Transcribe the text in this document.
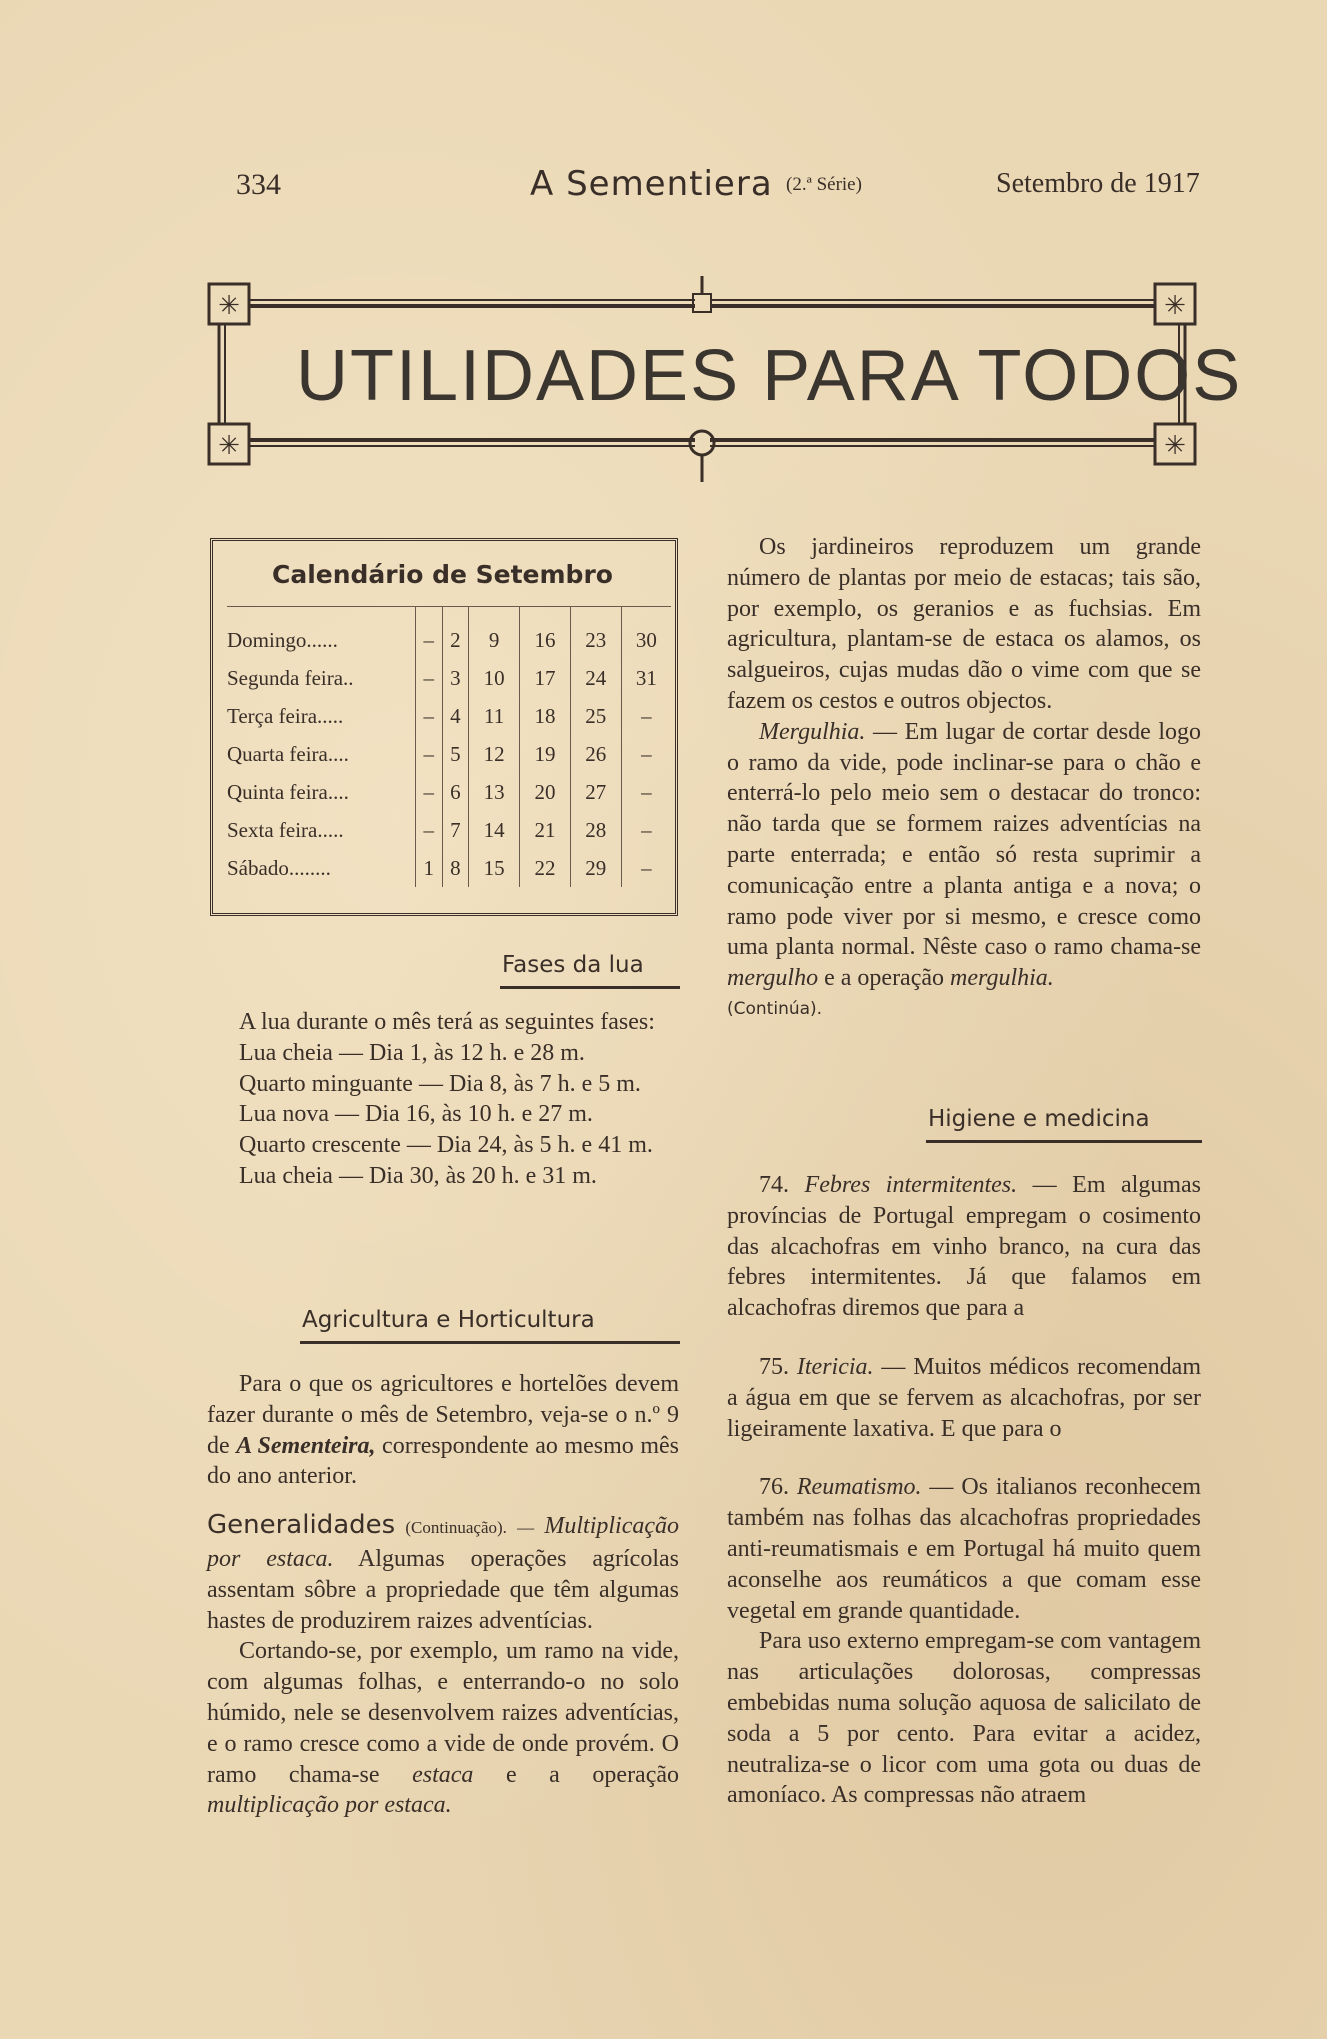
334	A Sementiera (2.ª Série)	Setembro de 1917
✳	✳
✳	✳
UTILIDADES PARA TODOS
Calendário de Setembro
Domingo......	–	2	9	16	23	30
Segunda feira..	–	3	10	17	24	31
Terça feira.....	–	4	11	18	25	–
Quarta feira....	–	5	12	19	26	–
Quinta feira....	–	6	13	20	27	–
Sexta feira.....	–	7	14	21	28	–
Sábado........	1	8	15	22	29	–
Fases da lua

A lua durante o mês terá as seguintes fases:

Lua cheia — Dia 1, às 12 h. e 28 m.

Quarto minguante — Dia 8, às 7 h. e 5 m.

Lua nova — Dia 16, às 10 h. e 27 m.

Quarto crescente — Dia 24, às 5 h. e 41 m.

Lua cheia — Dia 30, às 20 h. e 31 m.

Agricultura e Horticultura

Para o que os agricultores e hortelões devem fazer durante o mês de Setembro, veja-se o n.º 9 de A Sementeira, correspondente ao mesmo mês do ano anterior.

Generalidades (Continuação). — Multiplicação por estaca. Algumas operações agrícolas assentam sôbre a propriedade que têm algumas hastes de produzirem raizes adventícias.

Cortando-se, por exemplo, um ramo na vide, com algumas folhas, e enterrando-o no solo húmido, nele se desenvolvem raizes adventícias, e o ramo cresce como a vide de onde provém. O ramo chama-se estaca e a operação multiplicação por estaca.

Os jardineiros reproduzem um grande número de plantas por meio de estacas; tais são, por exemplo, os geranios e as fuchsias. Em agricultura, plantam-se de estaca os alamos, os salgueiros, cujas mudas dão o vime com que se fazem os cestos e outros objectos.

Mergulhia. — Em lugar de cortar desde logo o ramo da vide, pode inclinar-se para o chão e enterrá-lo pelo meio sem o destacar do tronco: não tarda que se formem raizes adventícias na parte enterrada; e então só resta suprimir a comunicação entre a planta antiga e a nova; o ramo pode viver por si mesmo, e cresce como uma planta normal. Nêste caso o ramo chama-se mergulho e a operação mergulhia.

(Continúa).

Higiene e medicina

74. Febres intermitentes. — Em algumas províncias de Portugal empregam o cosimento das alcachofras em vinho branco, na cura das febres intermitentes. Já que falamos em alcachofras diremos que para a

75. Itericia. — Muitos médicos recomendam a água em que se fervem as alcachofras, por ser ligeiramente laxativa. E que para o

76. Reumatismo. — Os italianos reconhecem também nas folhas das alcachofras propriedades anti-reumatismais e em Portugal há muito quem aconselhe aos reumáticos a que comam esse vegetal em grande quantidade.

Para uso externo empregam-se com vantagem nas articulações dolorosas, compressas embebidas numa solução aquosa de salicilato de soda a 5 por cento. Para evitar a acidez, neutraliza-se o licor com uma gota ou duas de amoníaco. As compressas não atraem
